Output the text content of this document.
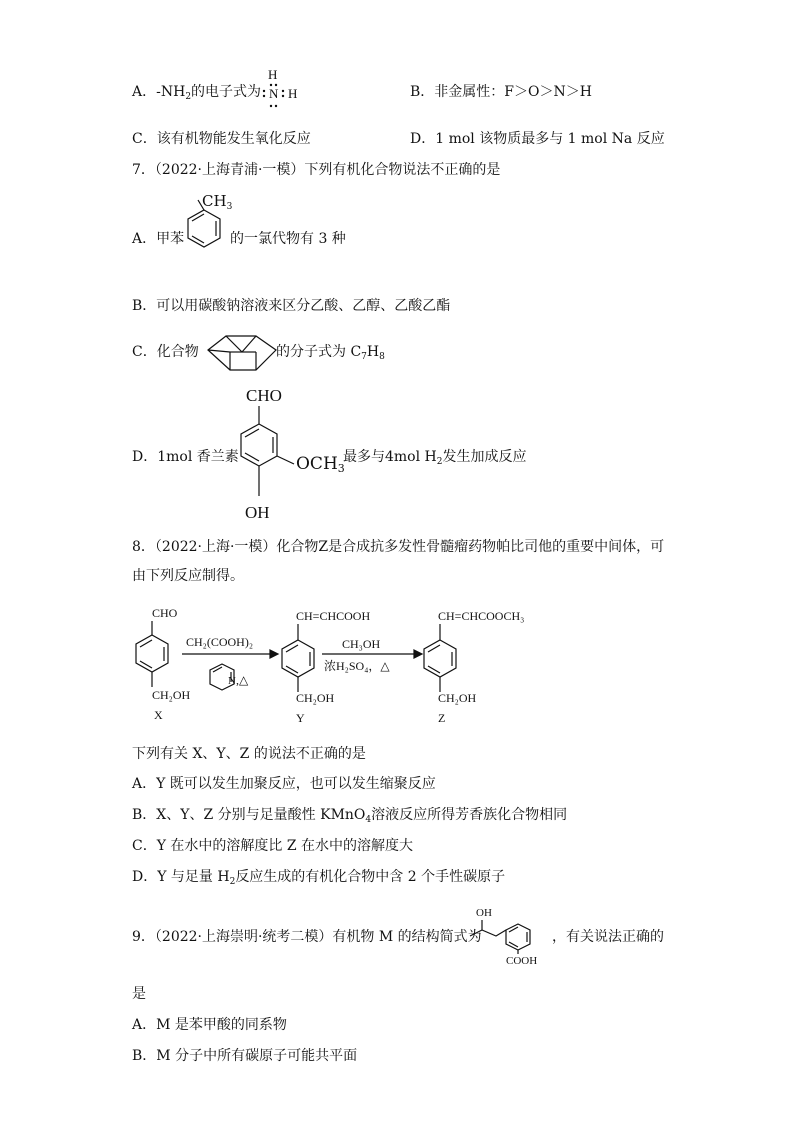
A．$-NH_2$的电子式为
H
N H	B．非金属性：F＞O＞N＞H
C．该有机物能发生氧化反应	D．1 mol 该物质最多与 1 mol Na 反应
7．（2022·上海青浦·一模）下列有机化合物说法不正确的是
A．甲苯
$CH_3$
的一氯代物有 3 种
B．可以用碳酸钠溶液来区分乙酸、乙醇、乙酸乙酯
C．化合物	的分子式为 $C_7H_8$
D．1mol 香兰素
CHO
OH
$OCH_3$
最多与4mol $H_2$发生加成反应
8．（2022·上海·一模）化合物Z是合成抗多发性骨髓瘤药物帕比司他的重要中间体，可
由下列反应制得。
CHO
CH₂OH
X
CH₂(COOH)₂
N ,△
CH=CHCOOH
CH₂OH
Y
CH₃OH
浓H₂SO₄，△
CH=CHCOOCH₃
CH₂OH
Z
下列有关 X、Y、Z 的说法不正确的是
A．Y 既可以发生加聚反应，也可以发生缩聚反应
B．X、Y、Z 分别与足量酸性 KMnO$_4$溶液反应所得芳香族化合物相同
C．Y 在水中的溶解度比 Z 在水中的溶解度大
D．Y 与足量 $H_2$反应生成的有机化合物中含 2 个手性碳原子
9．（2022·上海崇明·统考二模）有机物 M 的结构简式为
OH
COOH
，有关说法正确的
是
A．M 是苯甲酸的同系物
B．M 分子中所有碳原子可能共平面
